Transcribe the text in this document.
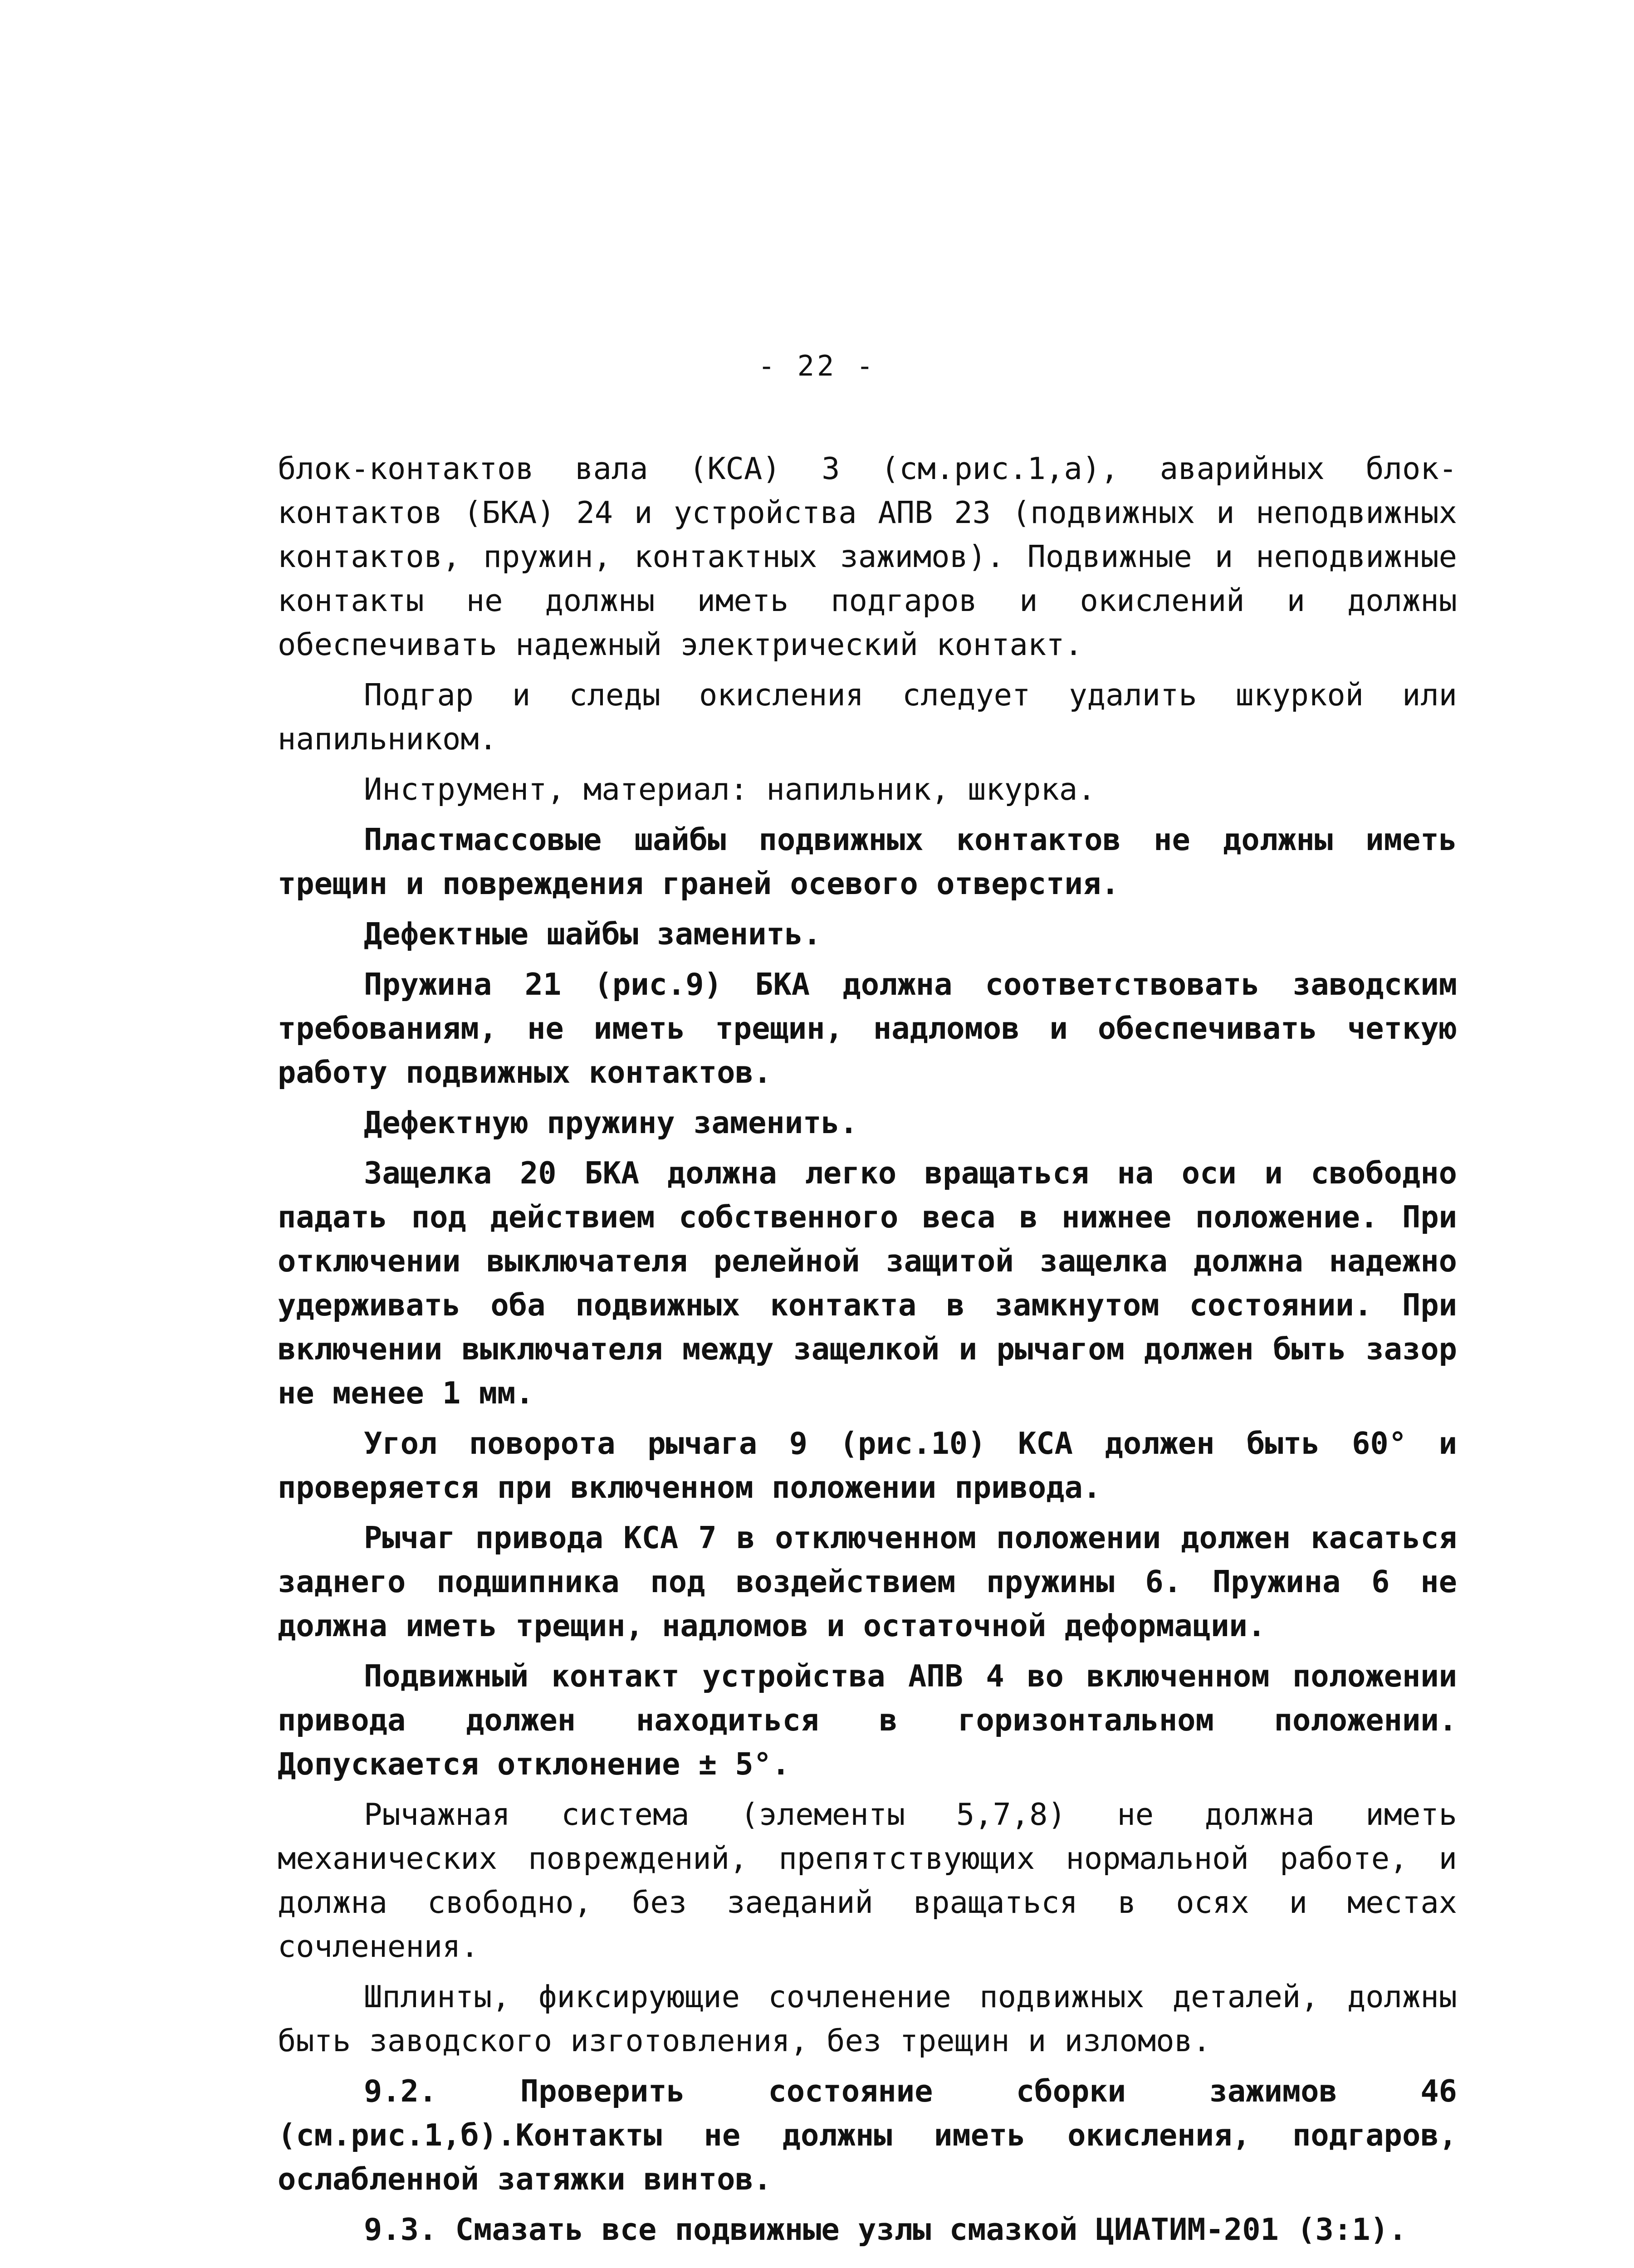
- 22 -

блок-контактов вала (КСА) 3 (см.рис.1,а), аварийных блок-контактов (БКА) 24 и устройства АПВ 23 (подвижных и неподвижных контактов, пружин, контактных зажимов). Подвижные и неподвижные контакты не должны иметь подгаров и окислений и должны обеспечивать надежный электрический контакт.

Подгар и следы окисления следует удалить шкуркой или напильником.

Инструмент, материал: напильник, шкурка.

Пластмассовые шайбы подвижных контактов не должны иметь трещин и повреждения граней осевого отверстия.

Дефектные шайбы заменить.

Пружина 21 (рис.9) БКА должна соответствовать заводским требованиям, не иметь трещин, надломов и обеспечивать четкую работу подвижных контактов.

Дефектную пружину заменить.

Защелка 20 БКА должна легко вращаться на оси и свободно падать под действием собственного веса в нижнее положение. При отключении выключателя релейной защитой защелка должна надежно удерживать оба подвижных контакта в замкнутом состоянии. При включении выключателя между защелкой и рычагом должен быть зазор не менее 1 мм.

Угол поворота рычага 9 (рис.10) КСА должен быть 60° и проверяется при включенном положении привода.

Рычаг привода КСА 7 в отключенном положении должен касаться заднего подшипника под воздействием пружины 6. Пружина 6 не должна иметь трещин, надломов и остаточной деформации.

Подвижный контакт устройства АПВ 4 во включенном положении привода должен находиться в горизонтальном положении. Допускается отклонение ± 5°.

Рычажная система (элементы 5,7,8) не должна иметь механических повреждений, препятствующих нормальной работе, и должна свободно, без заеданий вращаться в осях и местах сочленения.

Шплинты, фиксирующие сочленение подвижных деталей, должны быть заводского изготовления, без трещин и изломов.

9.2. Проверить состояние сборки зажимов 46 (см.рис.1,б).Контакты не должны иметь окисления, подгаров, ослабленной затяжки винтов.

9.3. Смазать все подвижные узлы смазкой ЦИАТИМ-201 (3:1).
